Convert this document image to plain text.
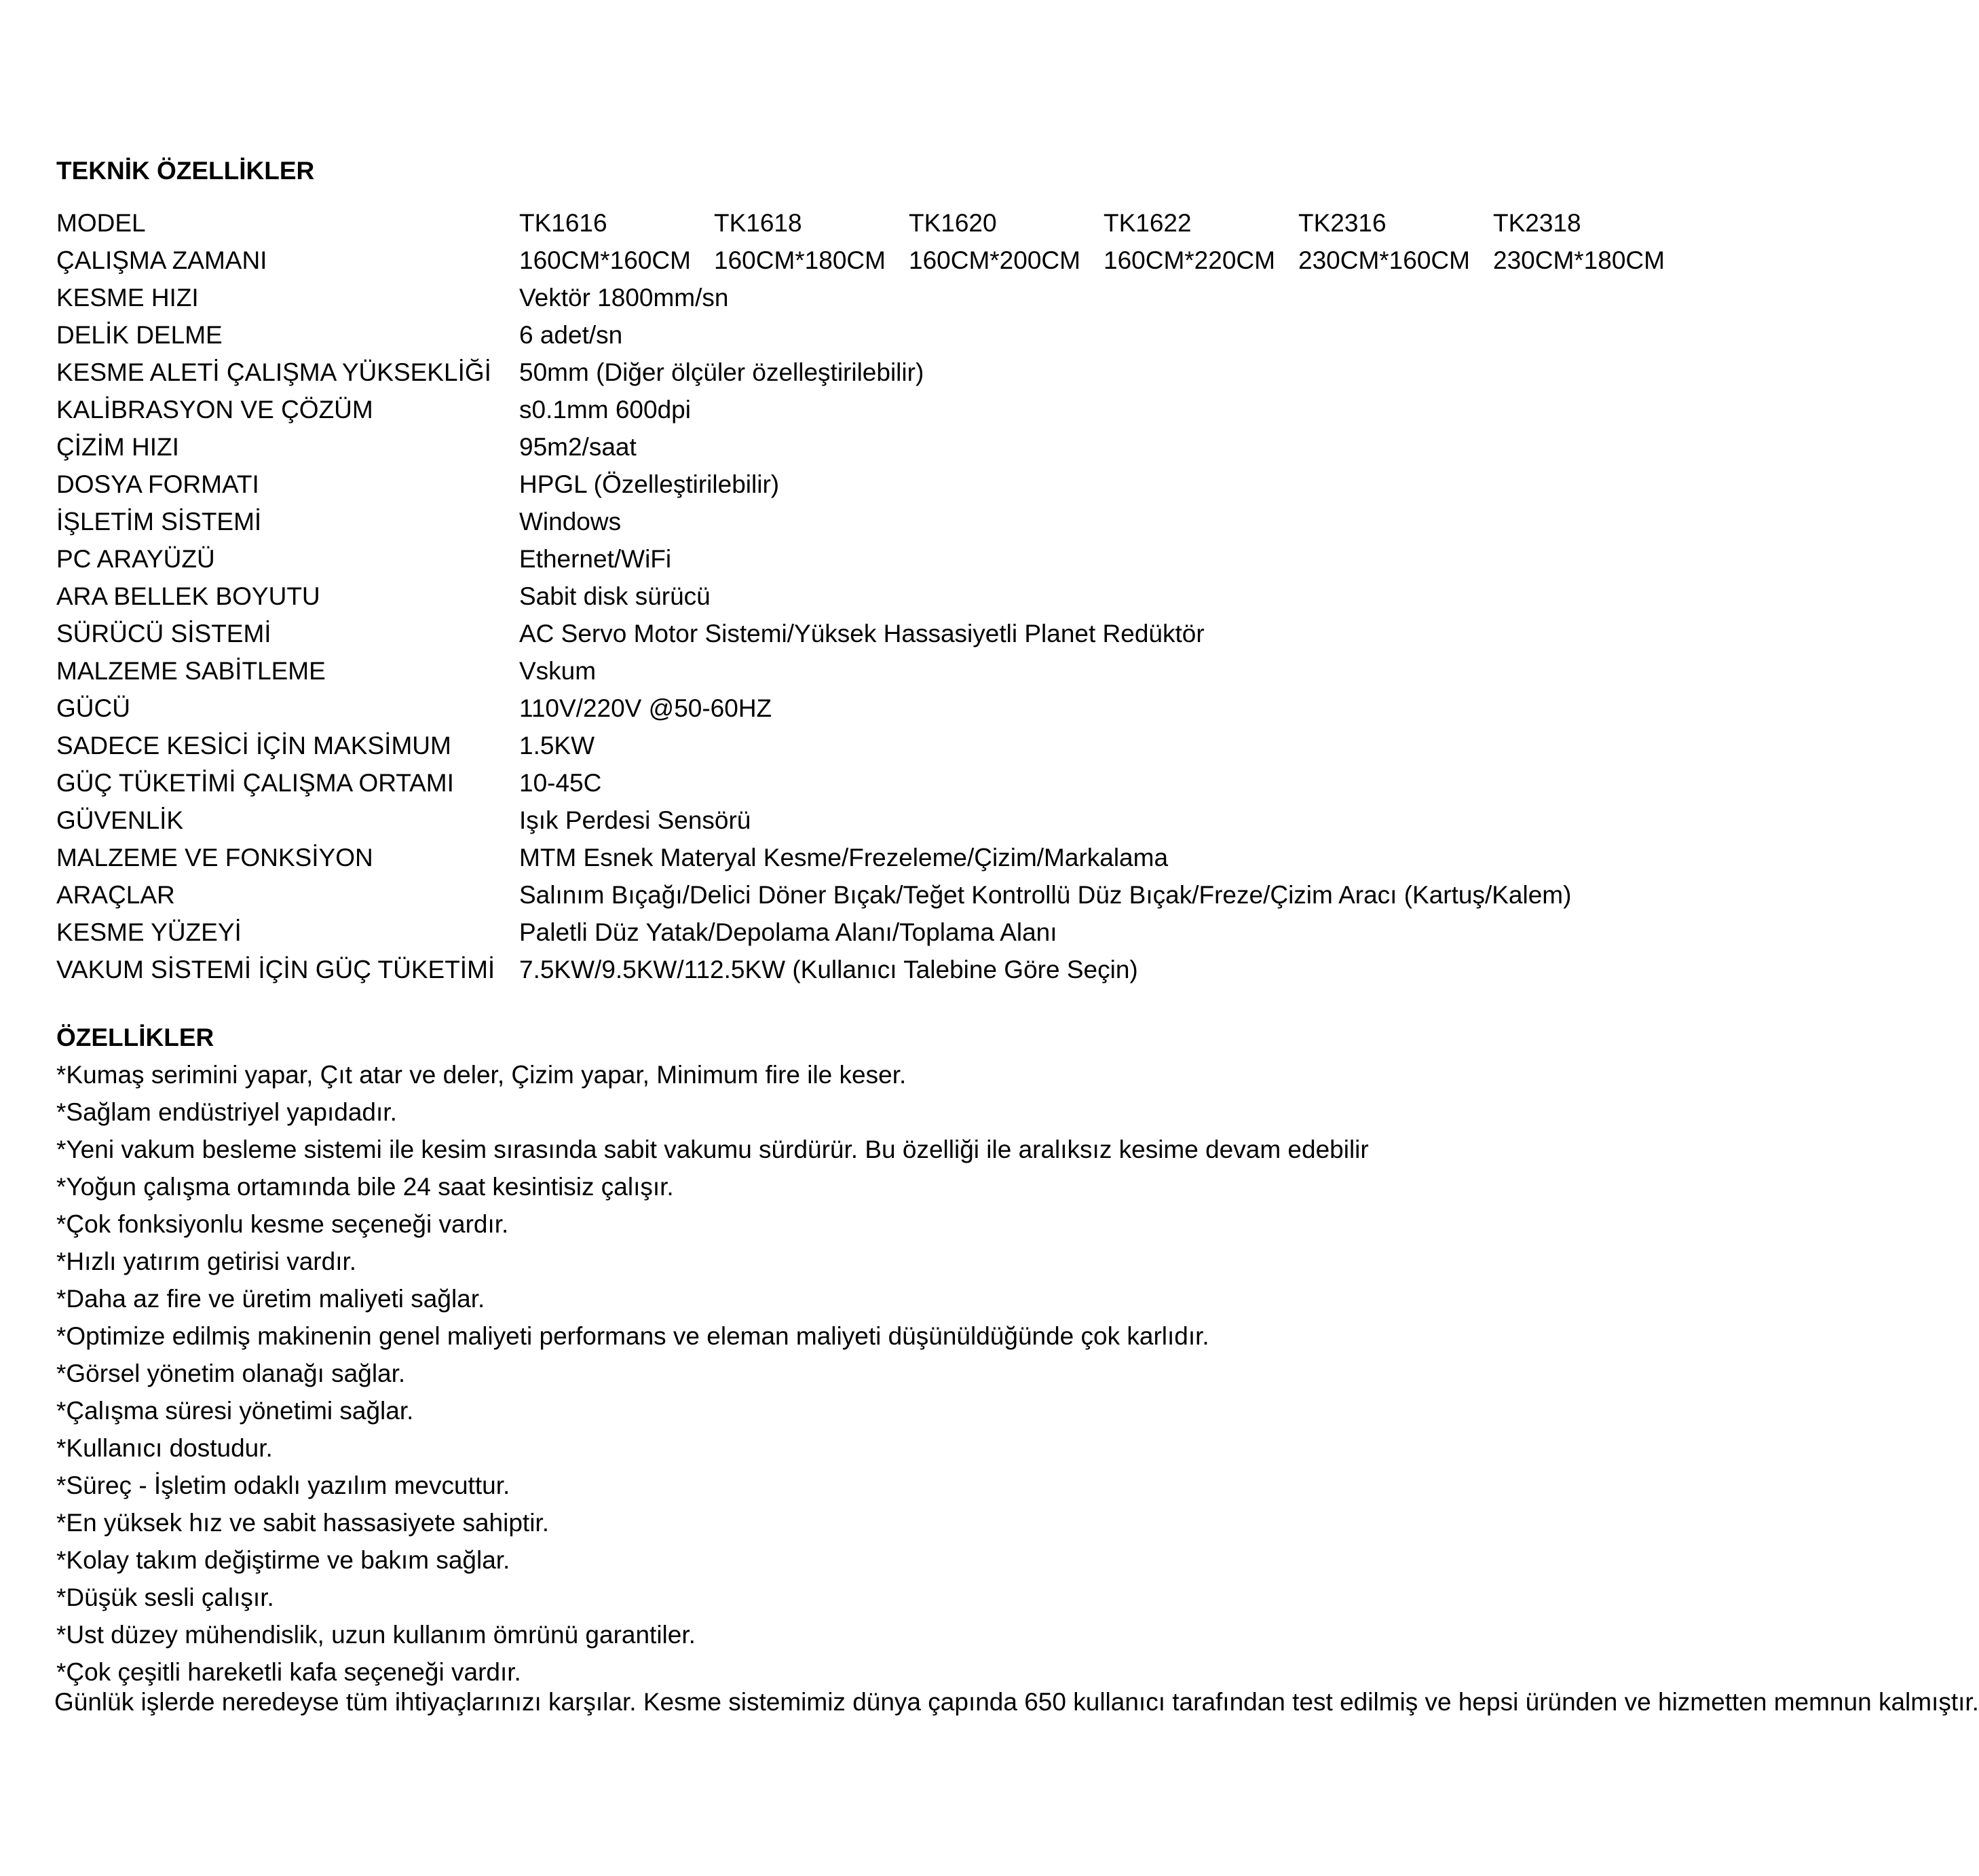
TEKNİK ÖZELLİKLER
MODEL	TK1616	TK1618	TK1620	TK1622	TK2316	TK2318
ÇALIŞMA ZAMANI	160CM*160CM 160CM*180CM 160CM*200CM 160CM*220CM 230CM*160CM 230CM*180CM
KESME HIZI	Vektör 1800mm/sn
DELİK DELME	6 adet/sn
KESME ALETİ ÇALIŞMA YÜKSEKLİĞİ 50mm (Diğer ölçüler özelleştirilebilir)
KALİBRASYON VE ÇÖZÜM	s0.1mm 600dpi
ÇİZİM HIZI	95m2/saat
DOSYA FORMATI	HPGL (Özelleştirilebilir)
İŞLETİM SİSTEMİ	Windows
PC ARAYÜZÜ	Ethernet/WiFi
ARA BELLEK BOYUTU	Sabit disk sürücü
SÜRÜCÜ SİSTEMİ	AC Servo Motor Sistemi/Yüksek Hassasiyetli Planet Redüktör
MALZEME SABİTLEME	Vskum
GÜCÜ	110V/220V @50-60HZ
SADECE KESİCİ İÇİN MAKSİMUM	1.5KW
GÜÇ TÜKETİMİ ÇALIŞMA ORTAMI	10-45C
GÜVENLİK	Işık Perdesi Sensörü
MALZEME VE FONKSİYON	MTM Esnek Materyal Kesme/Frezeleme/Çizim/Markalama
ARAÇLAR	Salınım Bıçağı/Delici Döner Bıçak/Teğet Kontrollü Düz Bıçak/Freze/Çizim Aracı (Kartuş/Kalem)
KESME YÜZEYİ	Paletli Düz Yatak/Depolama Alanı/Toplama Alanı
VAKUM SİSTEMİ İÇİN GÜÇ TÜKETİMİ 7.5KW/9.5KW/112.5KW (Kullanıcı Talebine Göre Seçin)
ÖZELLİKLER
*Kumaş serimini yapar, Çıt atar ve deler, Çizim yapar, Minimum fire ile keser.
*Sağlam endüstriyel yapıdadır.
*Yeni vakum besleme sistemi ile kesim sırasında sabit vakumu sürdürür. Bu özelliği ile aralıksız kesime devam edebilir
*Yoğun çalışma ortamında bile 24 saat kesintisiz çalışır.
*Çok fonksiyonlu kesme seçeneği vardır.
*Hızlı yatırım getirisi vardır.
*Daha az fire ve üretim maliyeti sağlar.
*Optimize edilmiş makinenin genel maliyeti performans ve eleman maliyeti düşünüldüğünde çok karlıdır.
*Görsel yönetim olanağı sağlar.
*Çalışma süresi yönetimi sağlar.
*Kullanıcı dostudur.
*Süreç - İşletim odaklı yazılım mevcuttur.
*En yüksek hız ve sabit hassasiyete sahiptir.
*Kolay takım değiştirme ve bakım sağlar.
*Düşük sesli çalışır.
*Ust düzey mühendislik, uzun kullanım ömrünü garantiler.
*Çok çeşitli hareketli kafa seçeneği vardır.
Günlük işlerde neredeyse tüm ihtiyaçlarınızı karşılar. Kesme sistemimiz dünya çapında 650 kullanıcı tarafından test edilmiş ve hepsi üründen ve hizmetten memnun kalmıştır.
